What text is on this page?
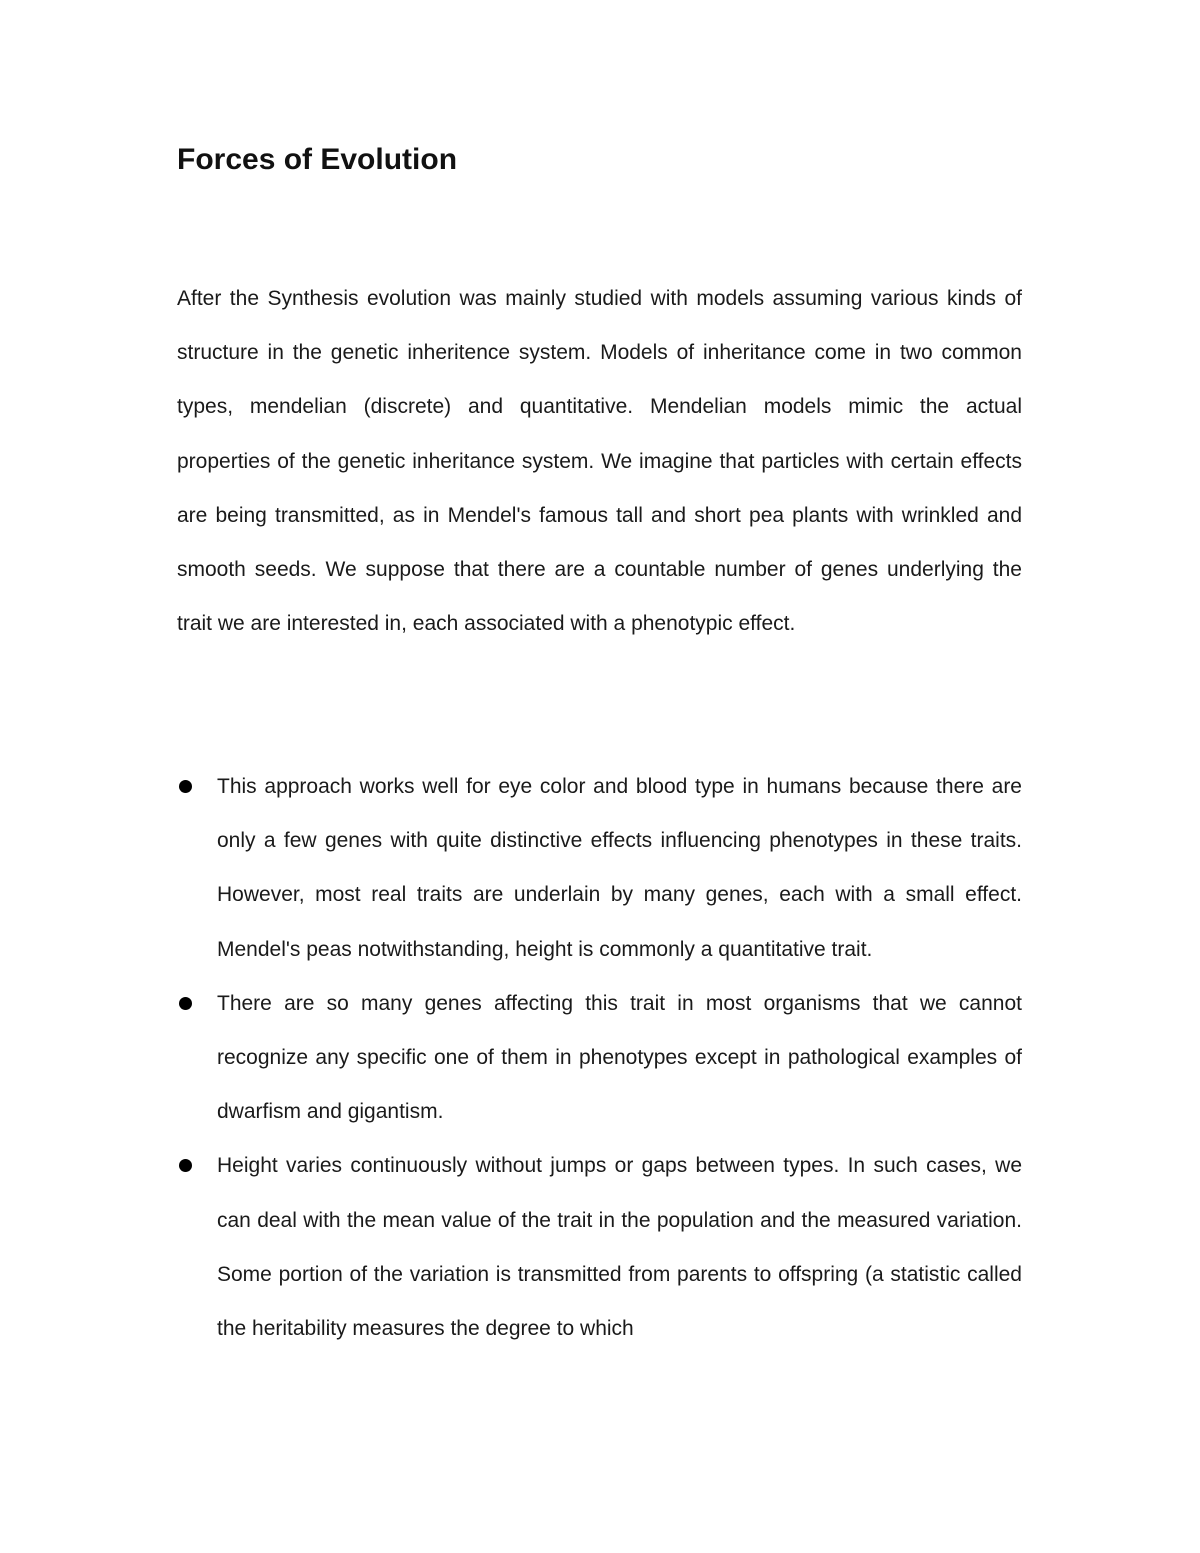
Forces of Evolution

After the Synthesis evolution was mainly studied with models assuming various kinds of structure in the genetic inheritence system. Models of inheritance come in two common types, mendelian (discrete) and quantitative. Mendelian models mimic the actual properties of the genetic inheritance system. We imagine that particles with certain effects are being transmitted, as in Mendel's famous tall and short pea plants with wrinkled and smooth seeds. We suppose that there are a countable number of genes underlying the trait we are interested in, each associated with a phenotypic effect.

This approach works well for eye color and blood type in humans because there are only a few genes with quite distinctive effects influencing phenotypes in these traits. However, most real traits are underlain by many genes, each with a small effect. Mendel's peas notwithstanding, height is commonly a quantitative trait.
There are so many genes affecting this trait in most organisms that we cannot recognize any specific one of them in phenotypes except in pathological examples of dwarfism and gigantism.
Height varies continuously without jumps or gaps between types. In such cases, we can deal with the mean value of the trait in the population and the measured variation. Some portion of the variation is transmitted from parents to offspring (a statistic called the heritability measures the degree to which
